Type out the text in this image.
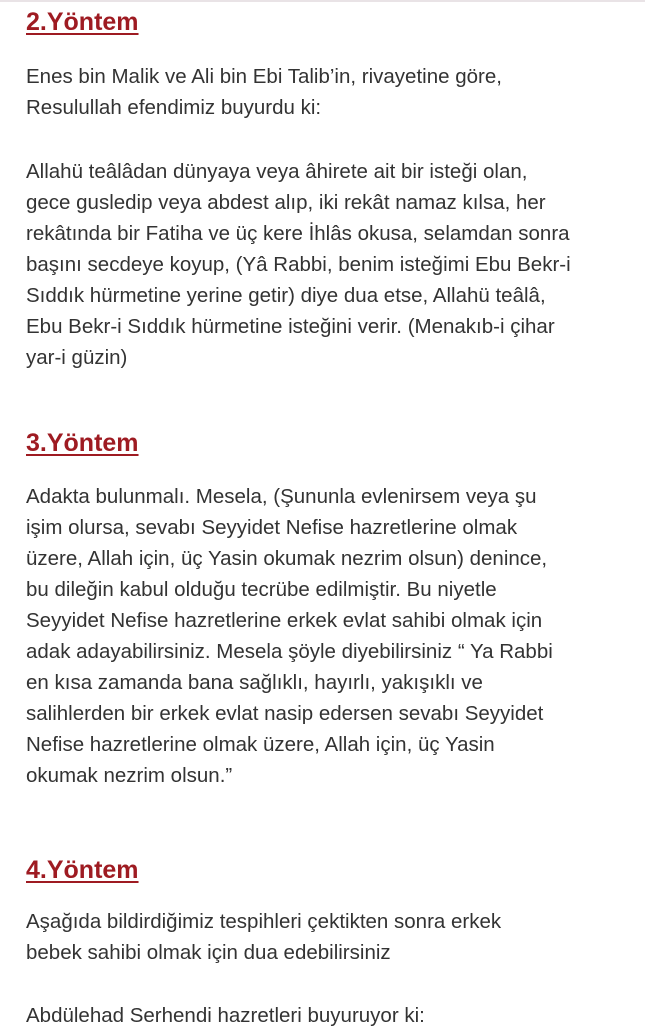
2.Yöntem

Enes bin Malik ve Ali bin Ebi Talib’in, rivayetine göre,
Resulullah efendimiz buyurdu ki:

Allahü teâlâdan dünyaya veya âhirete ait bir isteği olan,
gece gusledip veya abdest alıp, iki rekât namaz kılsa, her
rekâtında bir Fatiha ve üç kere İhlâs okusa, selamdan sonra
başını secdeye koyup, (Yâ Rabbi, benim isteğimi Ebu Bekr-i
Sıddık hürmetine yerine getir) diye dua etse, Allahü teâlâ,
Ebu Bekr-i Sıddık hürmetine isteğini verir. (Menakıb-i çihar
yar-i güzin)

3.Yöntem

Adakta bulunmalı. Mesela, (Şununla evlenirsem veya şu
işim olursa, sevabı Seyyidet Nefise hazretlerine olmak
üzere, Allah için, üç Yasin okumak nezrim olsun) denince,
bu dileğin kabul olduğu tecrübe edilmiştir. Bu niyetle
Seyyidet Nefise hazretlerine erkek evlat sahibi olmak için
adak adayabilirsiniz. Mesela şöyle diyebilirsiniz “ Ya Rabbi
en kısa zamanda bana sağlıklı, hayırlı, yakışıklı ve
salihlerden bir erkek evlat nasip edersen sevabı Seyyidet
Nefise hazretlerine olmak üzere, Allah için, üç Yasin
okumak nezrim olsun.”

4.Yöntem

Aşağıda bildirdiğimiz tespihleri çektikten sonra erkek
bebek sahibi olmak için dua edebilirsiniz

Abdülehad Serhendi hazretleri buyuruyor ki:
